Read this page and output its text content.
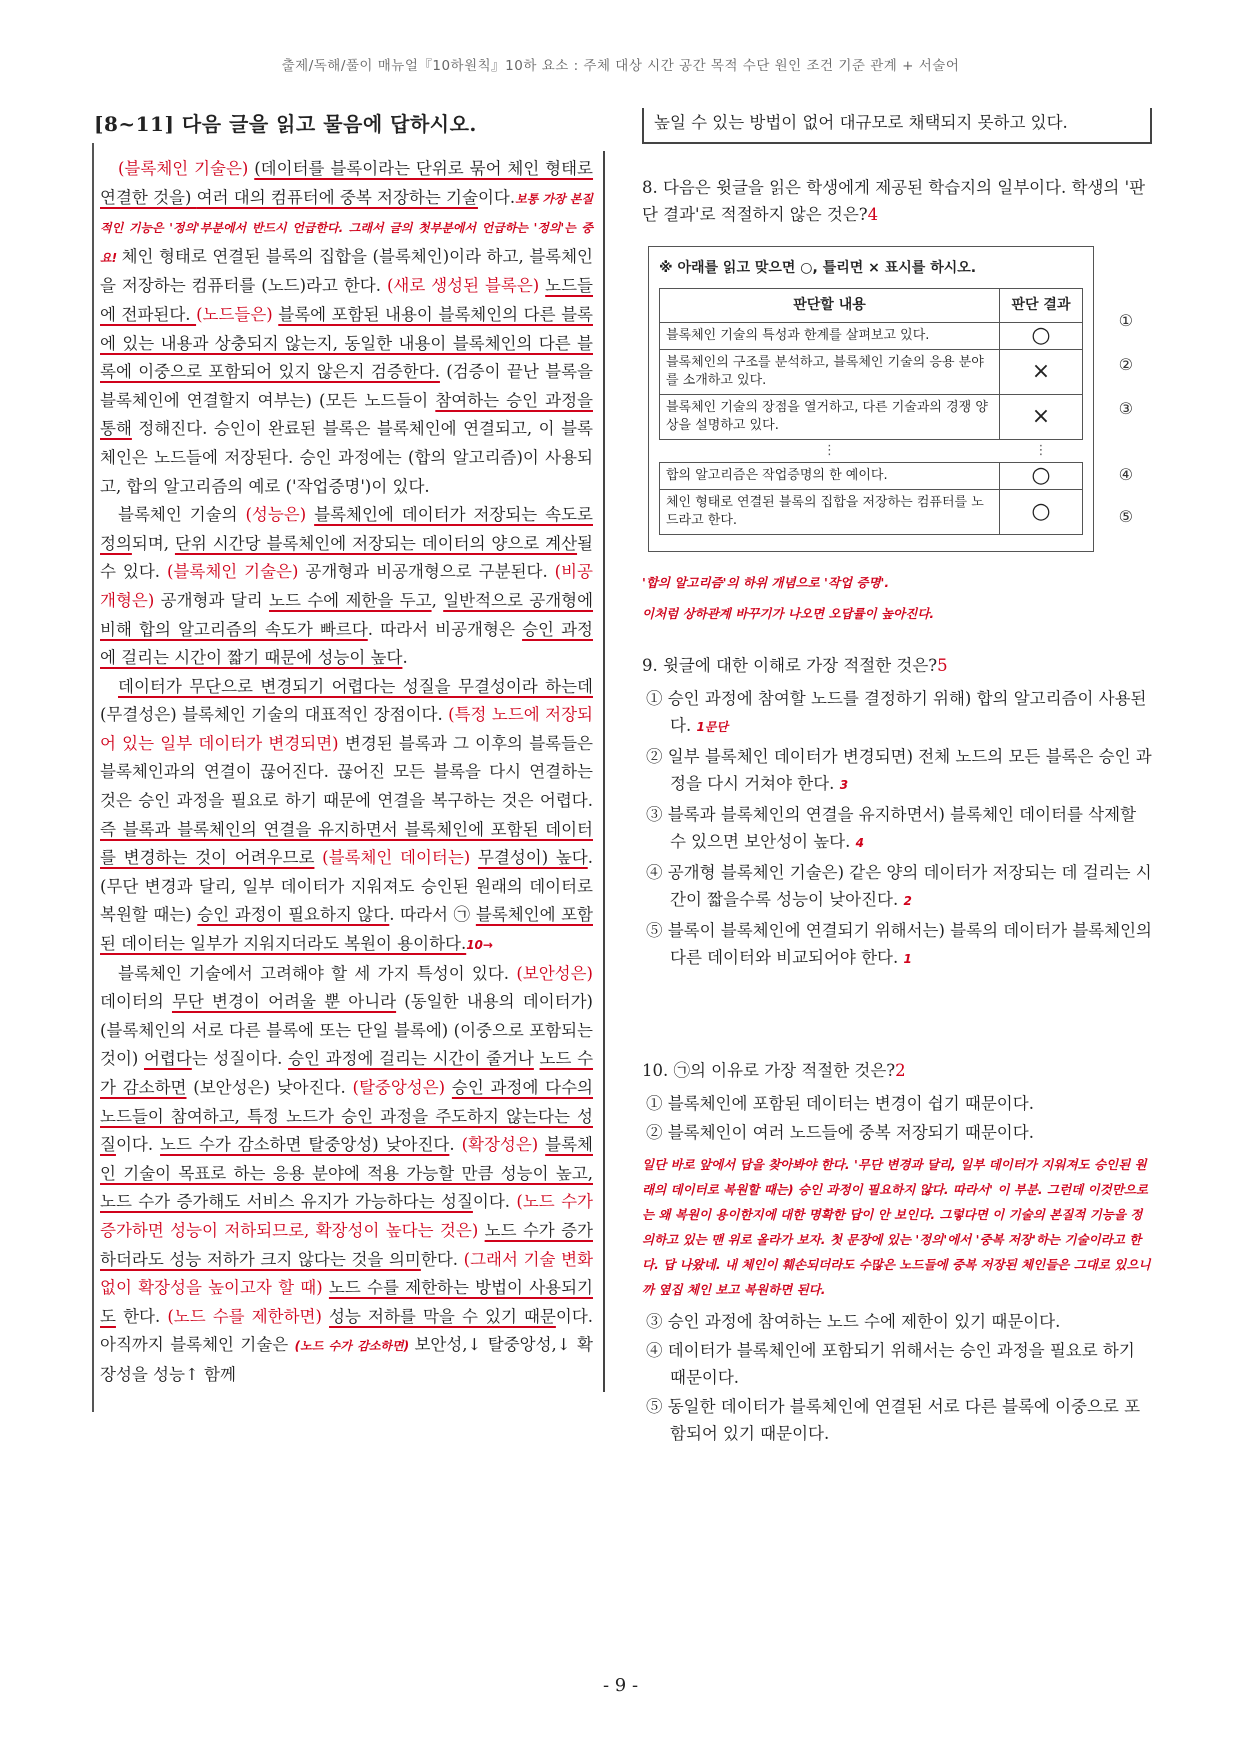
출제/독해/풀이 매뉴얼『10하원칙』10하 요소 : 주체 대상 시간 공간 목적 수단 원인 조건 기준 관계 + 서술어
[8~11] 다음 글을 읽고 물음에 답하시오.

(블록체인 기술은) (데이터를 블록이라는 단위로 묶어 체인 형태로 연결한 것을) 여러 대의 컴퓨터에 중복 저장하는 기술이다.보통 가장 본질적인 기능은 '정의'부분에서 반드시 언급한다. 그래서 글의 첫부분에서 언급하는 '정의'는 중요! 체인 형태로 연결된 블록의 집합을 (블록체인)이라 하고, 블록체인을 저장하는 컴퓨터를 (노드)라고 한다. (새로 생성된 블록은) 노드들에 전파된다. (노드들은) 블록에 포함된 내용이 블록체인의 다른 블록에 있는 내용과 상충되지 않는지, 동일한 내용이 블록체인의 다른 블록에 이중으로 포함되어 있지 않은지 검증한다. (검증이 끝난 블록을 블록체인에 연결할지 여부는) (모든 노드들이 참여하는 승인 과정을 통해 정해진다. 승인이 완료된 블록은 블록체인에 연결되고, 이 블록체인은 노드들에 저장된다. 승인 과정에는 (합의 알고리즘)이 사용되고, 합의 알고리즘의 예로 ('작업증명')이 있다.

블록체인 기술의 (성능은) 블록체인에 데이터가 저장되는 속도로 정의되며, 단위 시간당 블록체인에 저장되는 데이터의 양으로 계산될 수 있다. (블록체인 기술은) 공개형과 비공개형으로 구분된다. (비공개형은) 공개형과 달리 노드 수에 제한을 두고, 일반적으로 공개형에 비해 합의 알고리즘의 속도가 빠르다. 따라서 비공개형은 승인 과정에 걸리는 시간이 짧기 때문에 성능이 높다.

데이터가 무단으로 변경되기 어렵다는 성질을 무결성이라 하는데 (무결성은) 블록체인 기술의 대표적인 장점이다. (특정 노드에 저장되어 있는 일부 데이터가 변경되면) 변경된 블록과 그 이후의 블록들은 블록체인과의 연결이 끊어진다. 끊어진 모든 블록을 다시 연결하는 것은 승인 과정을 필요로 하기 때문에 연결을 복구하는 것은 어렵다. 즉 블록과 블록체인의 연결을 유지하면서 블록체인에 포함된 데이터를 변경하는 것이 어려우므로 (블록체인 데이터는) 무결성이) 높다. (무단 변경과 달리, 일부 데이터가 지워져도 승인된 원래의 데이터로 복원할 때는) 승인 과정이 필요하지 않다. 따라서 ㉠ 블록체인에 포함된 데이터는 일부가 지워지더라도 복원이 용이하다.10→

블록체인 기술에서 고려해야 할 세 가지 특성이 있다. (보안성은) 데이터의 무단 변경이 어려울 뿐 아니라 (동일한 내용의 데이터가) (블록체인의 서로 다른 블록에 또는 단일 블록에) (이중으로 포함되는 것이) 어렵다는 성질이다. 승인 과정에 걸리는 시간이 줄거나 노드 수가 감소하면 (보안성은) 낮아진다. (탈중앙성은) 승인 과정에 다수의 노드들이 참여하고, 특정 노드가 승인 과정을 주도하지 않는다는 성질이다. 노드 수가 감소하면 탈중앙성) 낮아진다. (확장성은) 블록체인 기술이 목표로 하는 응용 분야에 적용 가능할 만큼 성능이 높고, 노드 수가 증가해도 서비스 유지가 가능하다는 성질이다. (노드 수가 증가하면 성능이 저하되므로, 확장성이 높다는 것은) 노드 수가 증가하더라도 성능 저하가 크지 않다는 것을 의미한다. (그래서 기술 변화 없이 확장성을 높이고자 할 때) 노드 수를 제한하는 방법이 사용되기도 한다. (노드 수를 제한하면) 성능 저하를 막을 수 있기 때문이다. 아직까지 블록체인 기술은 (노드 수가 감소하면) 보안성,↓ 탈중앙성,↓ 확장성을 성능↑ 함께

높일 수 있는 방법이 없어 대규모로 채택되지 못하고 있다.
8. 다음은 윗글을 읽은 학생에게 제공된 학습지의 일부이다. 학생의 '판단 결과'로 적절하지 않은 것은?4
※ 아래를 읽고 맞으면 ○, 틀리면 × 표시를 하시오.
판단할 내용	판단 결과
블록체인 기술의 특성과 한계를 살펴보고 있다.	○
블록체인의 구조를 분석하고, 블록체인 기술의 응용 분야를 소개하고 있다.	×
블록체인 기술의 장점을 열거하고, 다른 기술과의 경쟁 양상을 설명하고 있다.	×
⋮	⋮
합의 알고리즘은 작업증명의 한 예이다.	○
체인 형태로 연결된 블록의 집합을 저장하는 컴퓨터를 노드라고 한다.	○
①
②
③
④
⑤
'합의 알고리즘'의 하위 개념으로 '작업 증명'.
이처럼 상하관계 바꾸기가 나오면 오답률이 높아진다.
9. 윗글에 대한 이해로 가장 적절한 것은?5
① 승인 과정에 참여할 노드를 결정하기 위해) 합의 알고리즘이 사용된다. 1문단
② 일부 블록체인 데이터가 변경되면) 전체 노드의 모든 블록은 승인 과정을 다시 거쳐야 한다. 3
③ 블록과 블록체인의 연결을 유지하면서) 블록체인 데이터를 삭제할 수 있으면 보안성이 높다. 4
④ 공개형 블록체인 기술은) 같은 양의 데이터가 저장되는 데 걸리는 시간이 짧을수록 성능이 낮아진다. 2
⑤ 블록이 블록체인에 연결되기 위해서는) 블록의 데이터가 블록체인의 다른 데이터와 비교되어야 한다. 1
10. ㉠의 이유로 가장 적절한 것은?2
① 블록체인에 포함된 데이터는 변경이 쉽기 때문이다.
② 블록체인이 여러 노드들에 중복 저장되기 때문이다.
일단 바로 앞에서 답을 찾아봐야 한다. '무단 변경과 달리, 일부 데이터가 지워져도 승인된 원래의 데이터로 복원할 때는) 승인 과정이 필요하지 않다. 따라서' 이 부분. 그런데 이것만으로는 왜 복원이 용이한지에 대한 명확한 답이 안 보인다. 그렇다면 이 기술의 본질적 기능을 정의하고 있는 맨 위로 올라가 보자. 첫 문장에 있는 '정의'에서 '중복 저장'하는 기술이라고 한다. 답 나왔네. 내 체인이 훼손되더라도 수많은 노드들에 중복 저장된 체인들은 그대로 있으니까 옆집 체인 보고 복원하면 된다.
③ 승인 과정에 참여하는 노드 수에 제한이 있기 때문이다.
④ 데이터가 블록체인에 포함되기 위해서는 승인 과정을 필요로 하기 때문이다.
⑤ 동일한 데이터가 블록체인에 연결된 서로 다른 블록에 이중으로 포함되어 있기 때문이다.
- 9 -
